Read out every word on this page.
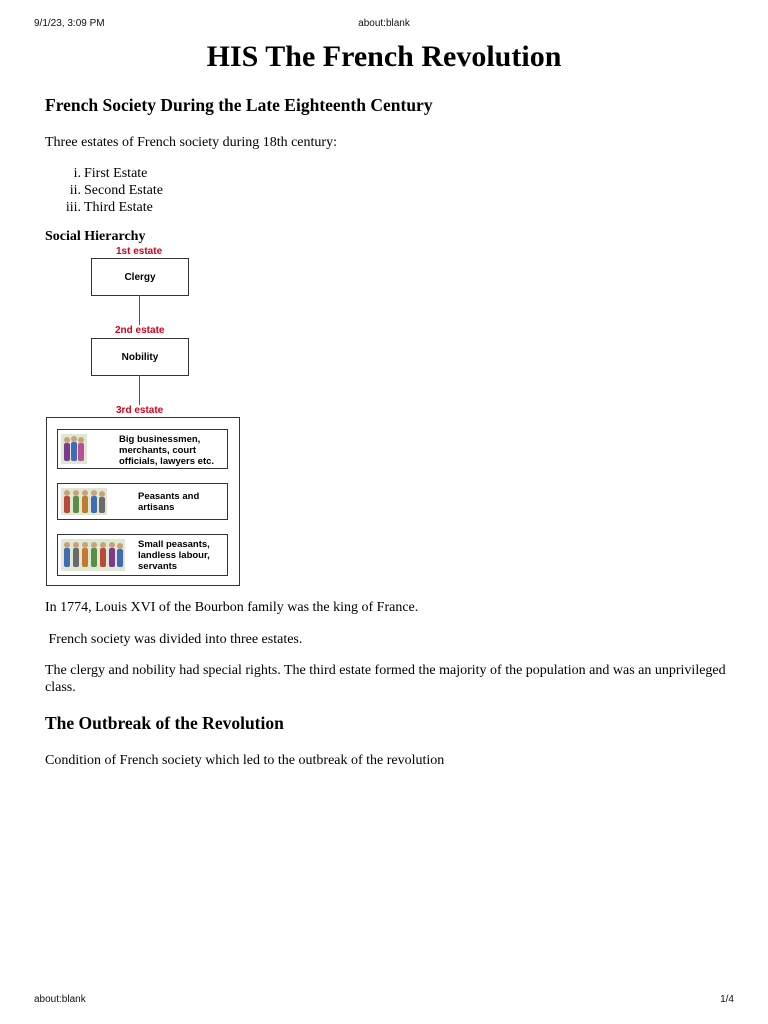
9/1/23, 3:09 PM	about:blank
HIS The French Revolution
French Society During the Late Eighteenth Century

Three estates of French society during 18th century:

i. First Estate
ii. Second Estate
iii. Third Estate
Social Hierarchy
1st estate
Clergy
2nd estate
Nobility
3rd estate
Big businessmen,
merchants, court
officials, lawyers etc.
Peasants and
artisans
Small peasants,
landless labour,
servants

In 1774, Louis XVI of the Bourbon family was the king of France.

French society was divided into three estates.

The clergy and nobility had special rights. The third estate formed the majority of the population and was an unprivileged class.

The Outbreak of the Revolution

Condition of French society which led to the outbreak of the revolution

about:blank	1/4
